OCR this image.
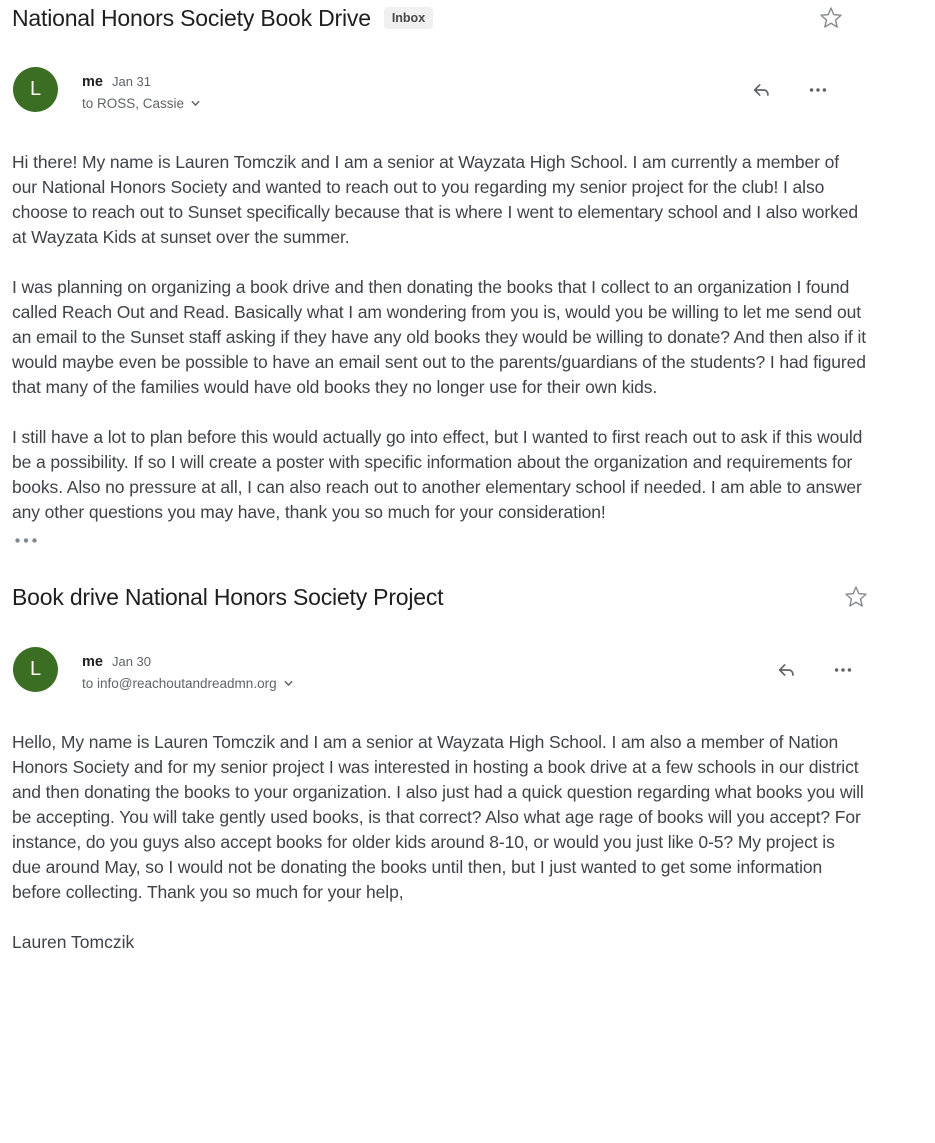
National Honors Society Book Drive	Inbox
L	me Jan 31
to ROSS, Cassie

Hi there! My name is Lauren Tomczik and I am a senior at Wayzata High School. I am currently a member of our National Honors Society and wanted to reach out to you regarding my senior project for the club! I also choose to reach out to Sunset specifically because that is where I went to elementary school and I also worked at Wayzata Kids at sunset over the summer.

I was planning on organizing a book drive and then donating the books that I collect to an organization I found called Reach Out and Read. Basically what I am wondering from you is, would you be willing to let me send out an email to the Sunset staff asking if they have any old books they would be willing to donate? And then also if it would maybe even be possible to have an email sent out to the parents/guardians of the students? I had figured that many of the families would have old books they no longer use for their own kids.

I still have a lot to plan before this would actually go into effect, but I wanted to first reach out to ask if this would be a possibility. If so I will create a poster with specific information about the organization and requirements for books. Also no pressure at all, I can also reach out to another elementary school if needed. I am able to answer any other questions you may have, thank you so much for your consideration!

Book drive National Honors Society Project
L	me Jan 30
to info@reachoutandreadmn.org

Hello, My name is Lauren Tomczik and I am a senior at Wayzata High School. I am also a member of Nation Honors Society and for my senior project I was interested in hosting a book drive at a few schools in our district and then donating the books to your organization. I also just had a quick question regarding what books you will be accepting. You will take gently used books, is that correct? Also what age rage of books will you accept? For instance, do you guys also accept books for older kids around 8-10, or would you just like 0-5? My project is due around May, so I would not be donating the books until then, but I just wanted to get some information before collecting. Thank you so much for your help,

Lauren Tomczik
